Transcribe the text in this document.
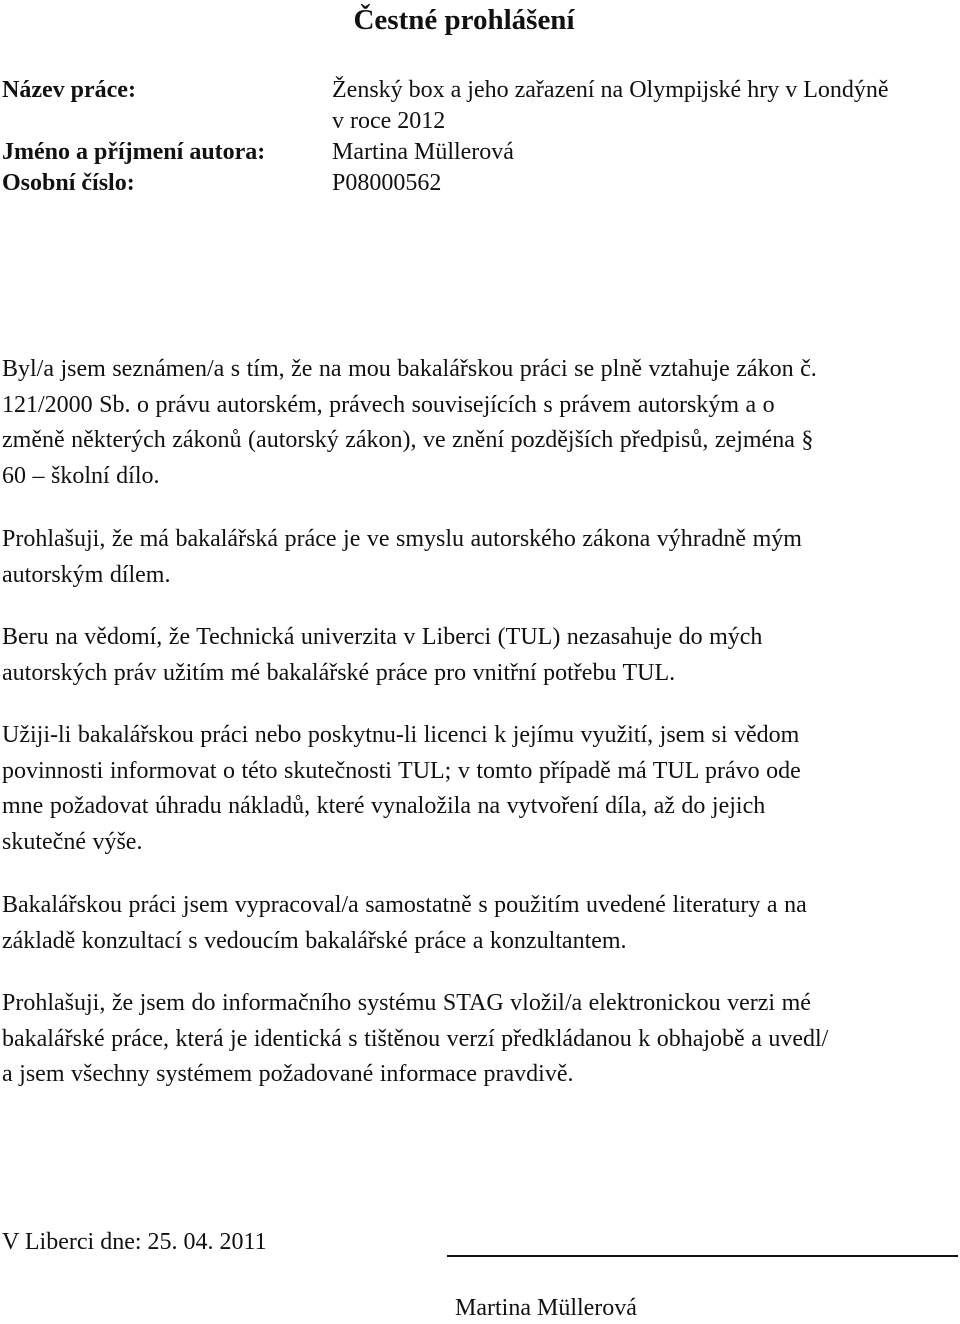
Čestné prohlášení
Název práce:	Ženský box a jeho zařazení na Olympijské hry v Londýně
v roce 2012
Jméno a příjmení autora:	Martina Müllerová
Osobní číslo:	P08000562

Byl/a jsem seznámen/a s tím, že na mou bakalářskou práci se plně vztahuje zákon č.
121/2000 Sb. o právu autorském, právech souvisejících s právem autorským a o
změně některých zákonů (autorský zákon), ve znění pozdějších předpisů, zejména §
60 – školní dílo.

Prohlašuji, že má bakalářská práce je ve smyslu autorského zákona výhradně mým
autorským dílem.

Beru na vědomí, že Technická univerzita v Liberci (TUL) nezasahuje do mých
autorských práv užitím mé bakalářské práce pro vnitřní potřebu TUL.

Užiji-li bakalářskou práci nebo poskytnu-li licenci k jejímu využití, jsem si vědom
povinnosti informovat o této skutečnosti TUL; v tomto případě má TUL právo ode
mne požadovat úhradu nákladů, které vynaložila na vytvoření díla, až do jejich
skutečné výše.

Bakalářskou práci jsem vypracoval/a samostatně s použitím uvedené literatury a na
základě konzultací s vedoucím bakalářské práce a konzultantem.

Prohlašuji, že jsem do informačního systému STAG vložil/a elektronickou verzi mé
bakalářské práce, která je identická s tištěnou verzí předkládanou k obhajobě a uvedl/
a jsem všechny systémem požadované informace pravdivě.

V Liberci dne: 25. 04. 2011
Martina Müllerová
